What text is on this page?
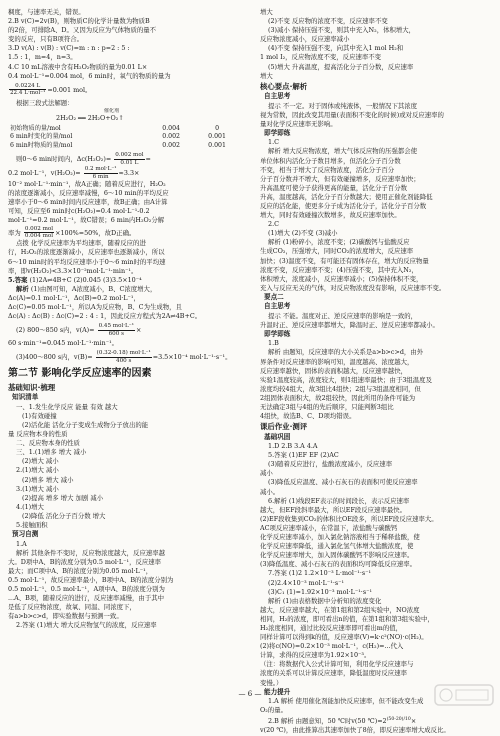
稠度，与速率无关，错误。
2.B v(C)=2v(B)，则物质C的化学计量数为物质B
的2倍，可排除A、D。又因为反应为气体物质的量不
变的反应，只有B项符合。
3.D v(A) : v(B) : v(C)=m : n : p=2 : 5 :
1.5 : 1，m=4，n=3。
4.C 10 mL溶液中含有H₂O₂物质的量为0.01 L×
0.4 mol·L⁻¹=0.004 mol，6 min时，氧气的物质的量为
$\frac{0.0224 L}{\text{22.4 L·mol⁻¹}} =0.001$ mol。
根据三段式法解题：
催化剂
2H₂O₂ ══ 2H₂O+O₂↑
初始物质的量/mol	0.004	0
6 min时变化的量/mol	0.002	0.001
6 min时物质的量/mol	0.002	0.001
则0～6 min时间内，$\Delta c(H_2O_2)= \frac{\text{0.002 mol}}{0.01 L}$ =
0.2 mol·L⁻¹，$v(H_2O_2)= \frac{\text{0.2 mol·L⁻¹}}{6 \min} \approx 3.3\times$
10⁻² mol·L⁻¹·min⁻¹，故A正确；随着反应进行，H₂O₂
的浓度逐渐减小，反应速率减慢，6～10 min的平均反应
速率小于0～6 min时间内反应速率，故B正确；由A计算
可知，反应至6 min时c(H₂O₂)=0.4 mol·L⁻¹-0.2
mol·L⁻¹=0.2 mol·L⁻¹，故C错误；6 min内H₂O₂分解
率为 $\frac{\text{0.002 mol}}{\text{0.004 mol}} \times 100\%=50\%$，故D正确。
点拨 化学反应速率为平均速率，随着反应的进
行，H₂O₂的浓度逐渐减小，反应速率也逐渐减小，所以
6～10 min时的平均反应速率小于0～6 min时的平均速
率，即v(H₂O₂)<3.3×10⁻²mol·L⁻¹·min⁻¹。
5.答案 (1)2A⇌4B+C (2)0.045 (3)3.5×10⁻⁴
解析 (1)由图可知，A浓度减小，B、C浓度增大，
Δc(A)=0.1 mol·L⁻¹，Δc(B)=0.2 mol·L⁻¹，
Δc(C)=0.05 mol·L⁻¹，所以A为反应物，B、C为生成物，且
Δc(A) : Δc(B) : Δc(C)=2 : 4 : 1，因此反应方程式为2A⇌4B+C。
(2) 800～850 s内，$v(A)= \frac{\text{0.45 mol·L⁻¹}}{600 s}$ ×
60 s·min⁻¹=0.045 mol·L⁻¹·min⁻¹。
(3)400～800 s内，$v(B)= \frac{\text{(0.32-0.18) mol·L⁻¹}}{400 s} =3.5\times 10^{-4}$ mol·L⁻¹·s⁻¹。
第二节 影响化学反应速率的因素
基础知识·梳理
知识清单
一、1.发生化学反应 能量 有效 越大
(1)有效碰撞
(2)活化能 活化分子变成生成物分子放出的能
量 反应物本身的性质
二、反应物本身的性质
三、1.(1)增多 增大 减小
(2)增大 减小
2.(1)增大 减小
(2)增多 增大 减小
3.(1)增大 减小
(2)提高 增多 增大 加剧 减小
4.(1)增大
(2)降低 活化分子百分数 增大
5.接触面积
预习自测
1.A
解析 其他条件不变时，反应物浓度越大，反应速率越
大。D项中A、B的浓度分别为0.5 mol·L⁻¹，反应速率
最大；而C项中A、B的浓度分别为0.05 mol·L⁻¹，
0.5 mol·L⁻¹，故反应速率最小，B项中A、B的浓度分别为
0.5 mol·L⁻¹、0.5 mol·L⁻¹，A项中A、B的浓度分别为
...A、B项，随着反应的进行，反应速率减慢，由于其中
是低了反应物浓度，故氧、同温、同浓度下，
有a>b>c>d，即实验数据与预测一致。
2.答案 (1)增大 增大反应物氢气的浓度，反应速率
增大
(2)不变 反应物的浓度不变，反应速率不变
(3)减小 保持压强不变，则其中充入N₂，体积增大，
反应物浓度减小，反应速率减小
(4)不变 保持压强不变，向其中充入1 mol H₂和
1 mol I₂，反应物浓度不变，反应速率不变
(5)增大 升高温度，提高活化分子百分数，反应速率
增大
核心要点·解析
自主思考
提示 不一定。对于固体或纯液体，一般情况下其浓度
视为常数，因此改变其用量(表面积不变化的时候)或对反应速率的
量对化学反应速率无影响。
即学即练
1.C
解析 增大反应物浓度，增大气体反应物的压强都会使
单位体积内活化分子数目增多，但活化分子百分数
不变，相当于增大了反应物浓度，活化分子百分
分子百分数并不增大，但有效碰撞增多，反应速率加快；
升高温度可使分子获得更高的能量，活化分子百分数
升高，温度越高，活化分子百分数越大；使用正催化剂能降低
反应的活化能，使更多分子成为活化分子，活化分子百分数
增大，同时有效碰撞次数增多，故反应速率加快。
2.C
(1)增大 (2)不变 (3)减小
解析 (1)粉碎小，浓度不变；(2)碳酸钙与盐酸反应
生成CO₂，压强增大，同时CO₂的浓度增大，反应速率
加快；(3)温度不变，有可能还有固体存在，增大的反应物量
浓度不变，反应速率不变；(4)压强不变，其中充入N₂，
体积增大，浓度减小，反应速率减小；(5)保持体积不变，
充入与反应无关的气体，对反应物浓度没有影响，反应速率不变。
要点二
自主思考
提示 不能。温度对正、逆反应速率的影响是一致的，
升温时正、逆反应速率都增大，降温时正、逆反应速率都减小。
即学即练
1.B
解析 由题知，反应速率的大小关系是a>b>c>d，由外
界条件对反应速率的影响可知，温度越高、浓度越大，
反应速率越快，固体的表面积越大，反应速率越快，
实验1温度较高，浓度较大，则1组速率最快；由于3组温度及
浓度均较4组大，故3组比4组快；2组与3组温度相同，但
2组固体表面积大，故2组较快，因此所用的条件可能为
无法确定3组与4组的先后顺序，只能判断3组比
4组快，故选B、C、D项均错误。
课后作业·测评
基础巩固
1.D 2.B 3.A 4.A
5.答案 (1)EF EF (2)AC
(3)随着反应进行，盐酸浓度减小，反应速率
减小
(3)降低反应温度、减小石灰石的表面积可使反应速率
减小。
6.解析 (1)线段EF表示的时间段长，表示反应速率
越大，但EF段斜率最大，所以EF段反应速率最快。
(2)EF段收集到CO₂的体积比OE段多，所以EF段反应速率大。
AC项反应速率减小，在常温下，浓盐酸与碳酸钙
化学反应速率减小，加入氯化钠溶液相当于稀释盐酸，使
化学反应速率降低，通入氯化氢气体增大盐酸浓度，使
化学反应速率增大，加入固体碳酸钙不影响反应速率。
(3)降低温度、减小石灰石的表面积均可降低反应速率。
7.答案 (1)2 1.2×10⁻³ L·mol⁻¹·s⁻¹
(2)2.4×10⁻³ mol·L⁻¹·s⁻¹
(3)C₁ (1)=1.92×10⁻³ mol·L⁻¹·s⁻¹
解析 (1)由表格数据中分析知的浓度变化
越大，反应速率越大，在第1组和第2组实验中，NO浓度
相同，H₂的浓度，即可看出n的值，在第1组和第3组实验中，
H₂浓度相同，通过比较反应速率即可看出m的值，
同样计算可以得到k的值，反应速率(V)=k·c²(NO)·c(H₂)。
(2)将c(NO)=0.2×10⁻³ mol·L⁻¹，c(H₂)=...代入
计算，求得的反应速率为1.92×10⁻³。
（注：将数据代入公式计算可知，利用化学反应速率与
浓度的关系可以计算反应速率，降低温度时反应速率
变慢。）
能力提升
1.A 解析 使用催化剂能加快反应速率，但不能改变生成
O₂的量。
2.B 解析 由题意知，50 ℃时v(50 $℃)=2^{(50-20)/10}\times$
v(20 ℃)，由此推算出其速率加快了8倍，即反应速率增大成反比。
— 6 —
